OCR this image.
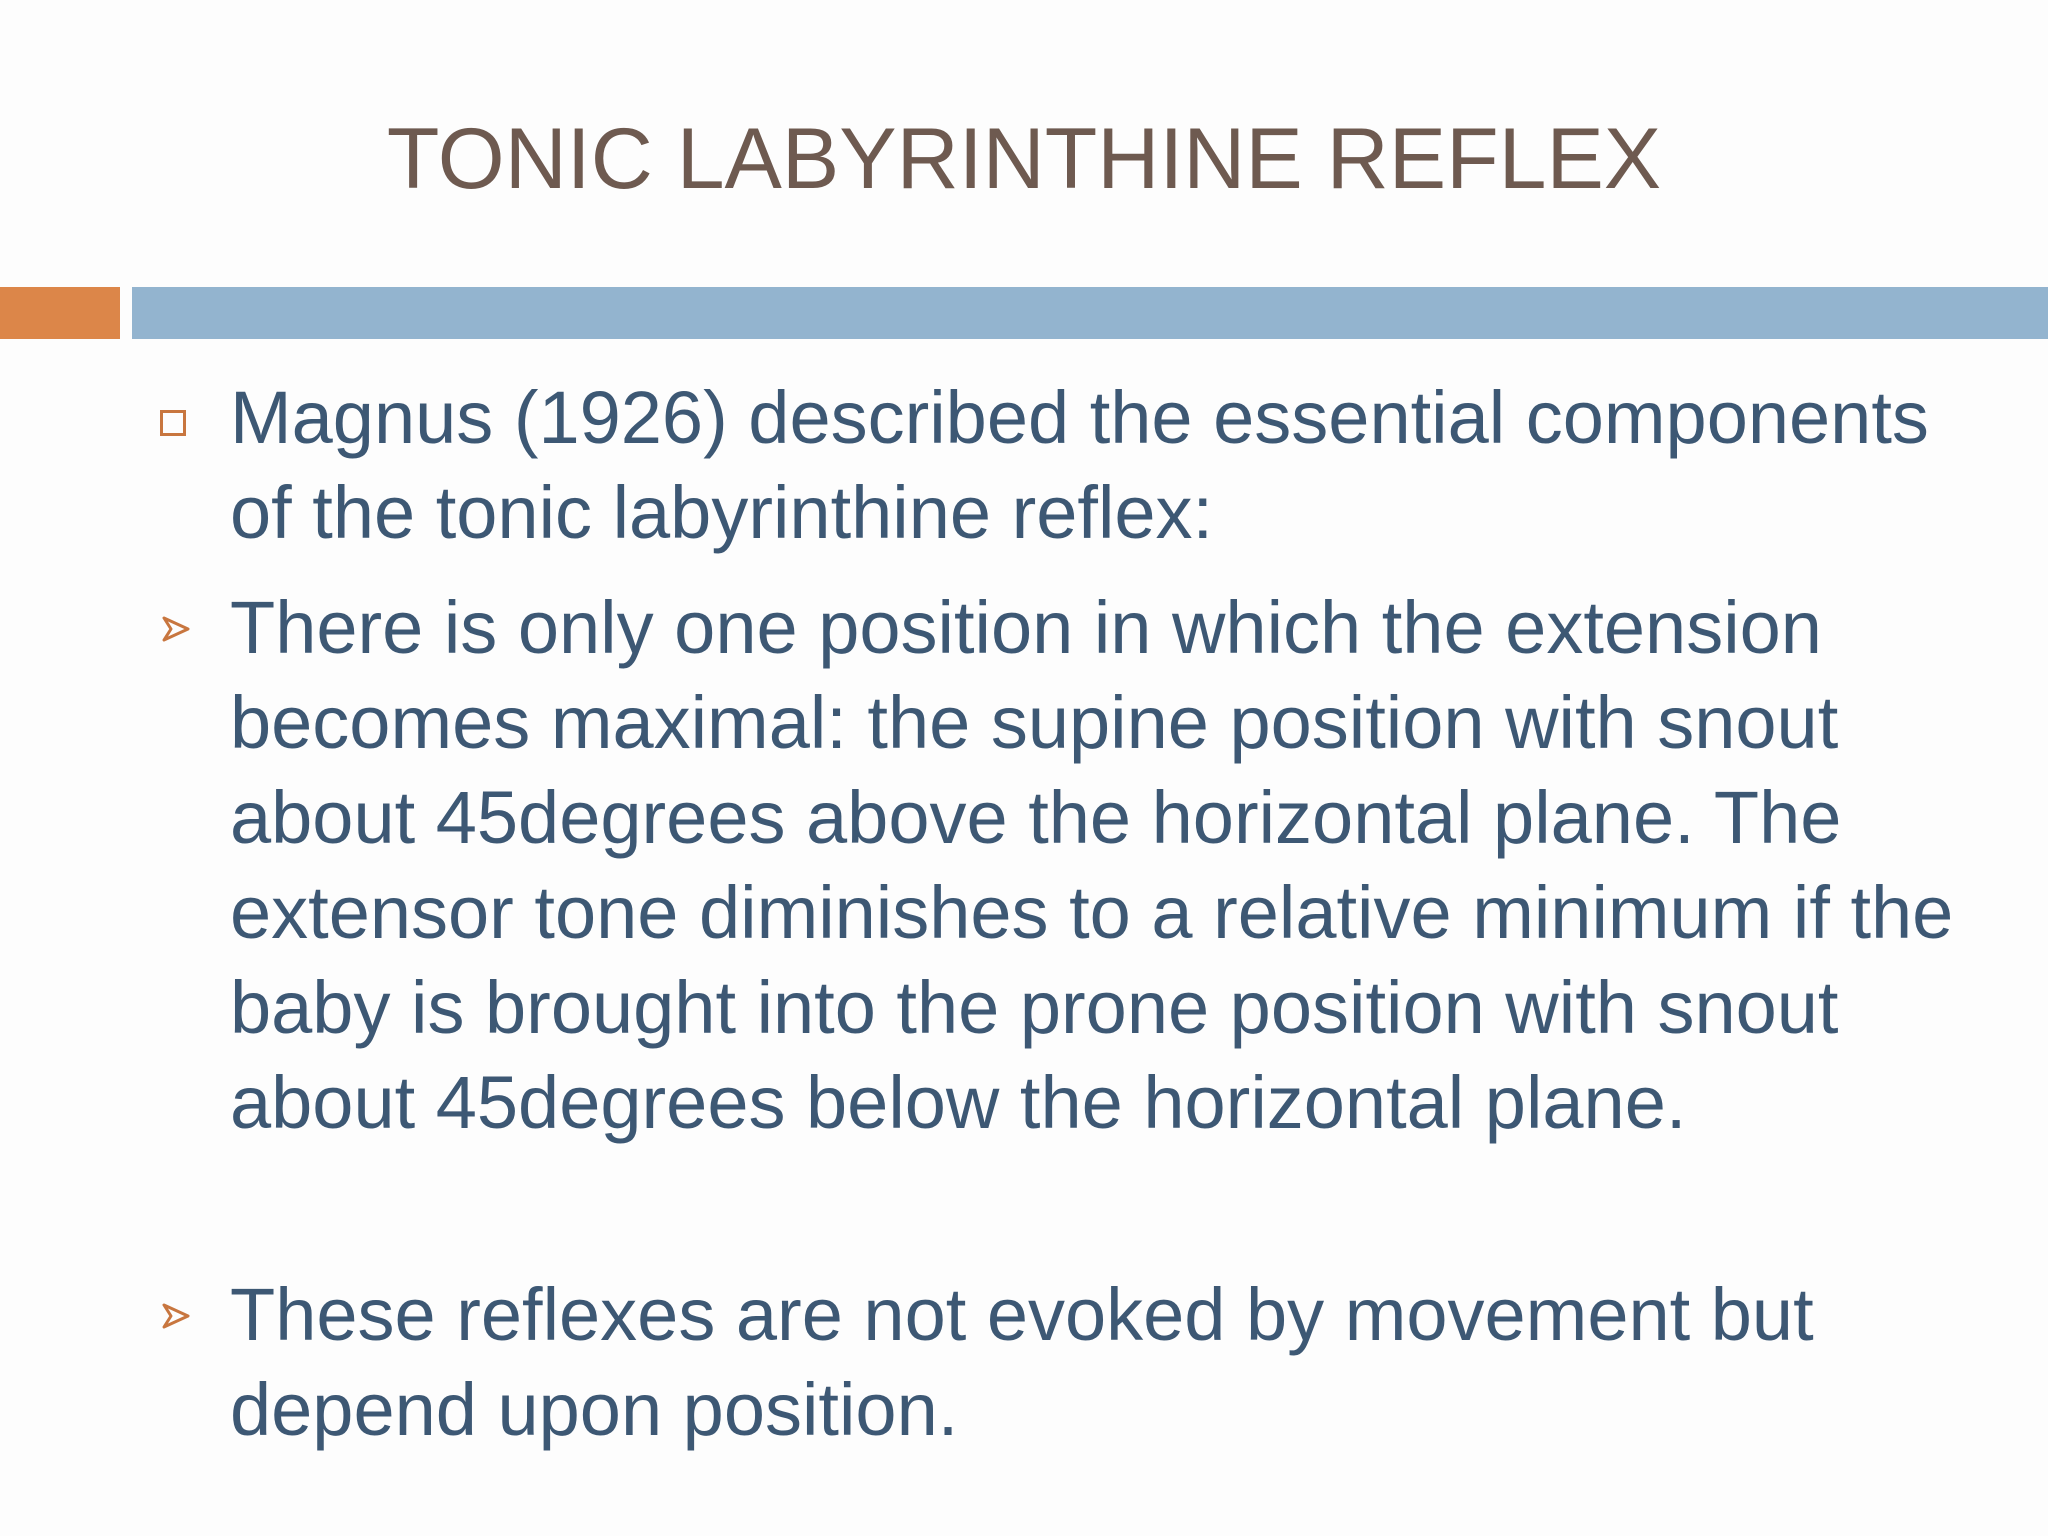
TONIC LABYRINTHINE REFLEX
Magnus (1926) described the essential components of the tonic labyrinthine reflex:
There is only one position in which the extension becomes maximal: the supine position with snout about 45degrees above the horizontal plane. The extensor tone diminishes to a relative minimum if the baby is brought into the prone position with snout about 45degrees below the horizontal plane.
These reflexes are not evoked by movement but depend upon position.
